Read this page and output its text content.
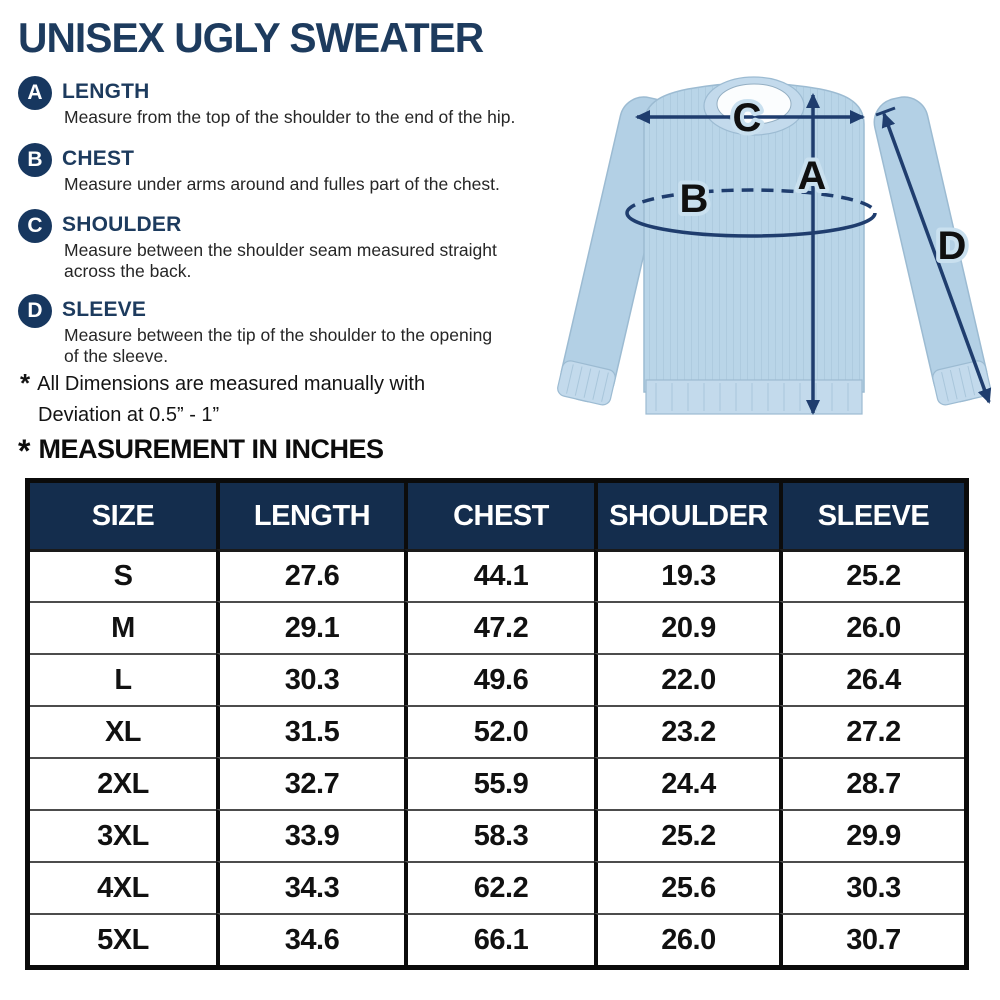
UNISEX UGLY SWEATER
A LENGTH
Measure from the top of the shoulder to the end of the hip.
B CHEST
Measure under arms around and fulles part of the chest.
C SHOULDER
Measure between the shoulder seam measured straight
across the back.
D SLEEVE
Measure between the tip of the shoulder to the opening
of the sleeve.
* All Dimensions are measured manually with
Deviation at 0.5” - 1”
* MEASUREMENT IN INCHES
C
A
B
D
SIZE	LENGTH	CHEST	SHOULDER	SLEEVE
S	27.6	44.1	19.3	25.2
M	29.1	47.2	20.9	26.0
L	30.3	49.6	22.0	26.4
XL	31.5	52.0	23.2	27.2
2XL	32.7	55.9	24.4	28.7
3XL	33.9	58.3	25.2	29.9
4XL	34.3	62.2	25.6	30.3
5XL	34.6	66.1	26.0	30.7
